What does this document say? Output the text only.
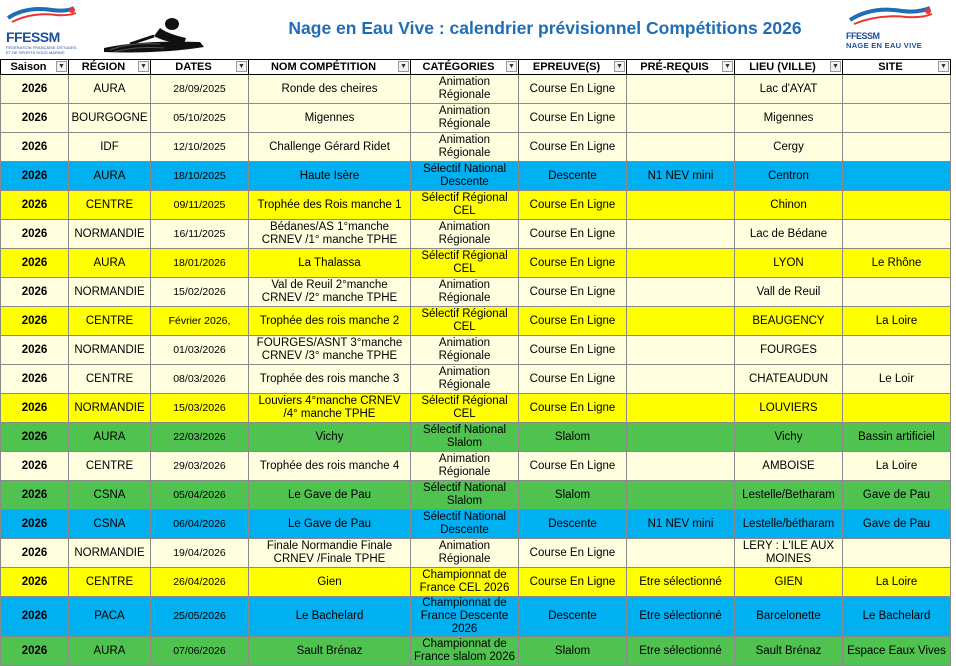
FFESSM
FÉDÉRATION FRANÇAISE D'ÉTUDES ET DE SPORTS SOUS-MARINS
Nage en Eau Vive : calendrier prévisionnel Compétitions 2026	FFESSM
NAGE EN EAU VIVE
Saison ▼	RÉGION ▼	DATES ▼	NOM COMPÉTITION ▼	CATÉGORIES ▼	EPREUVE(S) ▼	PRÉ-REQUIS ▼	LIEU (VILLE) ▼	SITE ▼

2026	AURA	28/09/2025	Ronde des cheires	Animation Régionale	Course En Ligne		Lac d'AYAT	
2026	BOURGOGNE	05/10/2025	Migennes	Animation Régionale	Course En Ligne		Migennes	
2026	IDF	12/10/2025	Challenge Gérard Ridet	Animation Régionale	Course En Ligne		Cergy	
2026	AURA	18/10/2025	Haute Isère	Sélectif National Descente	Descente	N1 NEV mini	Centron	
2026	CENTRE	09/11/2025	Trophée des Rois manche 1	Sélectif Régional CEL	Course En Ligne		Chinon	
2026	NORMANDIE	16/11/2025	Bédanes/AS 1°manche CRNEV /1° manche TPHE	Animation Régionale	Course En Ligne		Lac de Bédane	
2026	AURA	18/01/2026	La Thalassa	Sélectif Régional CEL	Course En Ligne		LYON	Le Rhône
2026	NORMANDIE	15/02/2026	Val de Reuil 2°manche CRNEV /2° manche TPHE	Animation Régionale	Course En Ligne		Vall de Reuil	
2026	CENTRE	Février 2026,	Trophée des rois manche 2	Sélectif Régional CEL	Course En Ligne		BEAUGENCY	La Loire
2026	NORMANDIE	01/03/2026	FOURGES/ASNT 3°manche CRNEV /3° manche TPHE	Animation Régionale	Course En Ligne		FOURGES	
2026	CENTRE	08/03/2026	Trophée des rois manche 3	Animation Régionale	Course En Ligne		CHATEAUDUN	Le Loir
2026	NORMANDIE	15/03/2026	Louviers 4°manche CRNEV /4° manche TPHE	Sélectif Régional CEL	Course En Ligne		LOUVIERS	
2026	AURA	22/03/2026	Vichy	Sélectif National Slalom	Slalom		Vichy	Bassin artificiel
2026	CENTRE	29/03/2026	Trophée des rois manche 4	Animation Régionale	Course En Ligne		AMBOISE	La Loire
2026	CSNA	05/04/2026	Le Gave de Pau	Sélectif National Slalom	Slalom		Lestelle/Betharam	Gave de Pau
2026	CSNA	06/04/2026	Le Gave de Pau	Sélectif National Descente	Descente	N1 NEV mini	Lestelle/bétharam	Gave de Pau
2026	NORMANDIE	19/04/2026	Finale Normandie Finale CRNEV /Finale TPHE	Animation Régionale	Course En Ligne		LERY : L'ILE AUX MOINES	
2026	CENTRE	26/04/2026	Gien	Championnat de France CEL 2026	Course En Ligne	Etre sélectionné	GIEN	La Loire
2026	PACA	25/05/2026	Le Bachelard	Championnat de France Descente 2026	Descente	Etre sélectionné	Barcelonette	Le Bachelard
2026	AURA	07/06/2026	Sault Brénaz	Championnat de France slalom 2026	Slalom	Etre sélectionné	Sault Brénaz	Espace Eaux Vives
